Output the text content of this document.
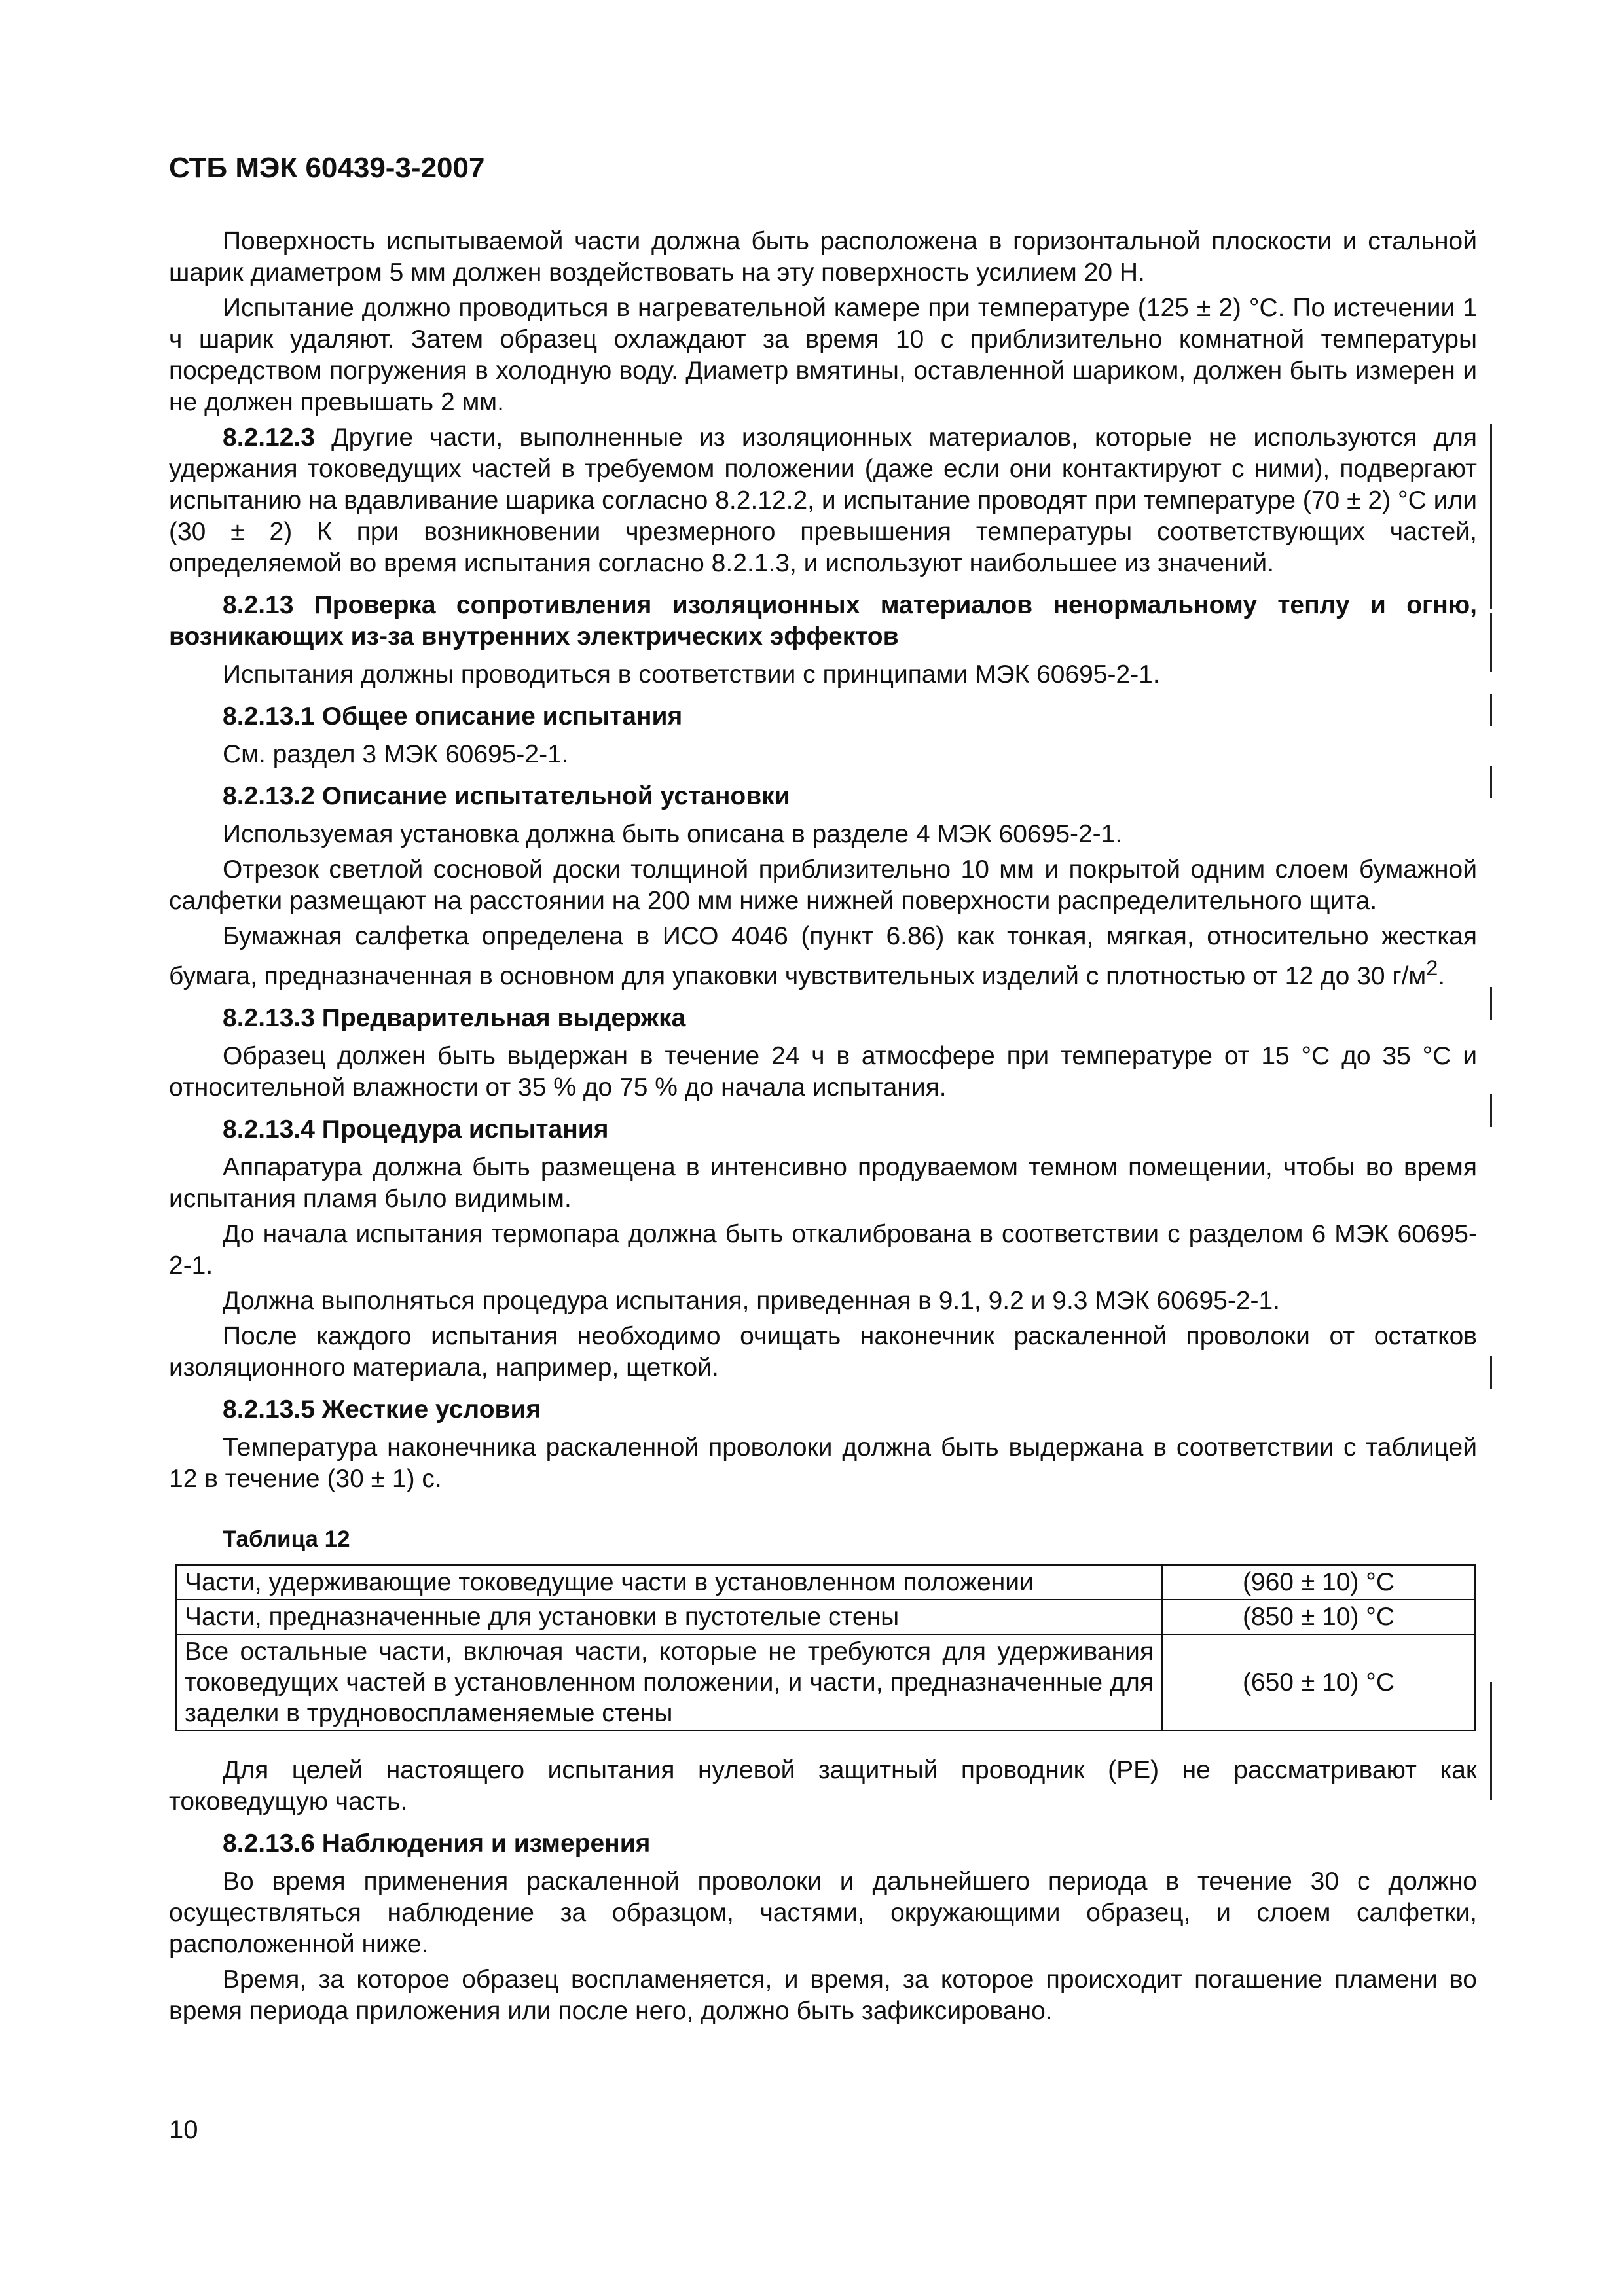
СТБ МЭК 60439-3-2007

Поверхность испытываемой части должна быть расположена в горизонтальной плоскости и стальной шарик диаметром 5 мм должен воздействовать на эту поверхность усилием 20 Н.

Испытание должно проводиться в нагревательной камере при температуре (125 ± 2) °С. По истечении 1 ч шарик удаляют. Затем образец охлаждают за время 10 с приблизительно комнатной температуры посредством погружения в холодную воду. Диаметр вмятины, оставленной шариком, должен быть измерен и не должен превышать 2 мм.

8.2.12.3 Другие части, выполненные из изоляционных материалов, которые не используются для удержания токоведущих частей в требуемом положении (даже если они контактируют с ними), подвергают испытанию на вдавливание шарика согласно 8.2.12.2, и испытание проводят при температуре (70 ± 2) °С или (30 ± 2) К при возникновении чрезмерного превышения температуры соответствующих частей, определяемой во время испытания согласно 8.2.1.3, и используют наибольшее из значений.

8.2.13 Проверка сопротивления изоляционных материалов ненормальному теплу и огню, возникающих из-за внутренних электрических эффектов

Испытания должны проводиться в соответствии с принципами МЭК 60695-2-1.

8.2.13.1 Общее описание испытания

См. раздел 3 МЭК 60695-2-1.

8.2.13.2 Описание испытательной установки

Используемая установка должна быть описана в разделе 4 МЭК 60695-2-1.

Отрезок светлой сосновой доски толщиной приблизительно 10 мм и покрытой одним слоем бумажной салфетки размещают на расстоянии на 200 мм ниже нижней поверхности распределительного щита.

Бумажная салфетка определена в ИСО 4046 (пункт 6.86) как тонкая, мягкая, относительно жесткая бумага, предназначенная в основном для упаковки чувствительных изделий с плотностью от 12 до 30 $г/м^2$.

8.2.13.3 Предварительная выдержка

Образец должен быть выдержан в течение 24 ч в атмосфере при температуре от 15 °С до 35 °С и относительной влажности от 35 % до 75 % до начала испытания.

8.2.13.4 Процедура испытания

Аппаратура должна быть размещена в интенсивно продуваемом темном помещении, чтобы во время испытания пламя было видимым.

До начала испытания термопара должна быть откалибрована в соответствии с разделом 6 МЭК 60695-2-1.

Должна выполняться процедура испытания, приведенная в 9.1, 9.2 и 9.3 МЭК 60695-2-1.

После каждого испытания необходимо очищать наконечник раскаленной проволоки от остатков изоляционного материала, например, щеткой.

8.2.13.5 Жесткие условия

Температура наконечника раскаленной проволоки должна быть выдержана в соответствии с таблицей 12 в течение (30 ± 1) с.

Таблица 12
Части, удерживающие токоведущие части в установленном положении	(960 ± 10) °С
Части, предназначенные для установки в пустотелые стены	(850 ± 10) °С
Все остальные части, включая части, которые не требуются для удерживания токоведущих частей в установленном положении, и части, предназначенные для заделки в трудновоспламеняемые стены	(650 ± 10) °С

Для целей настоящего испытания нулевой защитный проводник (PE) не рассматривают как токоведущую часть.

8.2.13.6 Наблюдения и измерения

Во время применения раскаленной проволоки и дальнейшего периода в течение 30 с должно осуществляться наблюдение за образцом, частями, окружающими образец, и слоем салфетки, расположенной ниже.

Время, за которое образец воспламеняется, и время, за которое происходит погашение пламени во время периода приложения или после него, должно быть зафиксировано.

10
